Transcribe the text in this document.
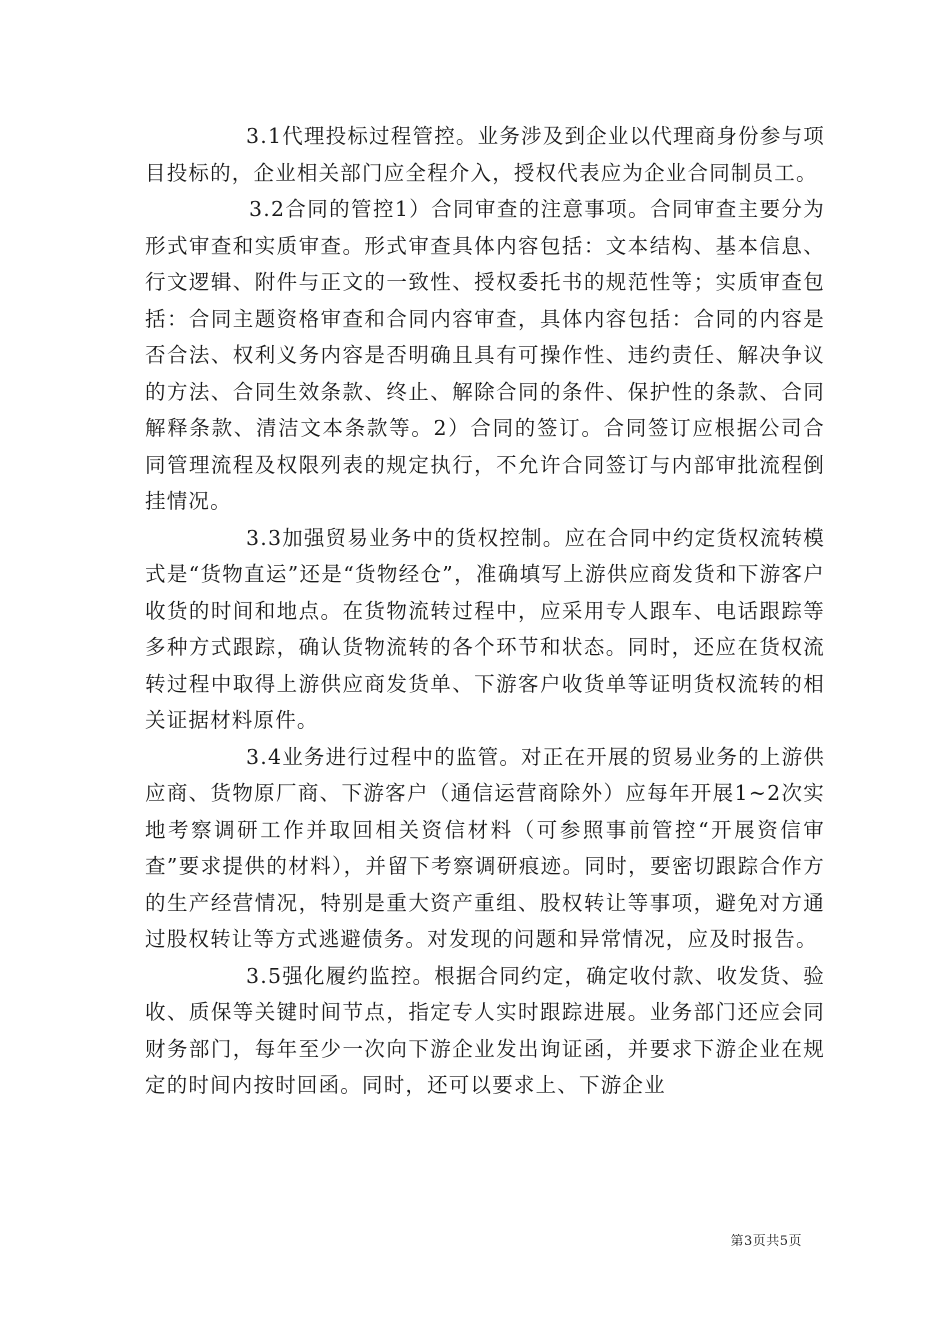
3.1代理投标过程管控。业务涉及到企业以代理商身份参与项目投标的，企业相关部门应全程介入，授权代表应为企业合同制员工。

3.2合同的管控1）合同审查的注意事项。合同审查主要分为形式审查和实质审查。形式审查具体内容包括：文本结构、基本信息、行文逻辑、附件与正文的一致性、授权委托书的规范性等；实质审查包括：合同主题资格审查和合同内容审查，具体内容包括：合同的内容是否合法、权利义务内容是否明确且具有可操作性、违约责任、解决争议的方法、合同生效条款、终止、解除合同的条件、保护性的条款、合同解释条款、清洁文本条款等。2）合同的签订。合同签订应根据公司合同管理流程及权限列表的规定执行，不允许合同签订与内部审批流程倒挂情况。

3.3加强贸易业务中的货权控制。应在合同中约定货权流转模式是“货物直运”还是“货物经仓”，准确填写上游供应商发货和下游客户收货的时间和地点。在货物流转过程中，应采用专人跟车、电话跟踪等多种方式跟踪，确认货物流转的各个环节和状态。同时，还应在货权流转过程中取得上游供应商发货单、下游客户收货单等证明货权流转的相关证据材料原件。

3.4业务进行过程中的监管。对正在开展的贸易业务的上游供应商、货物原厂商、下游客户（通信运营商除外）应每年开展1~2次实地考察调研工作并取回相关资信材料（可参照事前管控“开展资信审查”要求提供的材料），并留下考察调研痕迹。同时，要密切跟踪合作方的生产经营情况，特别是重大资产重组、股权转让等事项，避免对方通过股权转让等方式逃避债务。对发现的问题和异常情况，应及时报告。

3.5强化履约监控。根据合同约定，确定收付款、收发货、验收、质保等关键时间节点，指定专人实时跟踪进展。业务部门还应会同财务部门，每年至少一次向下游企业发出询证函，并要求下游企业在规定的时间内按时回函。同时，还可以要求上、下游企业

第3页共5页
